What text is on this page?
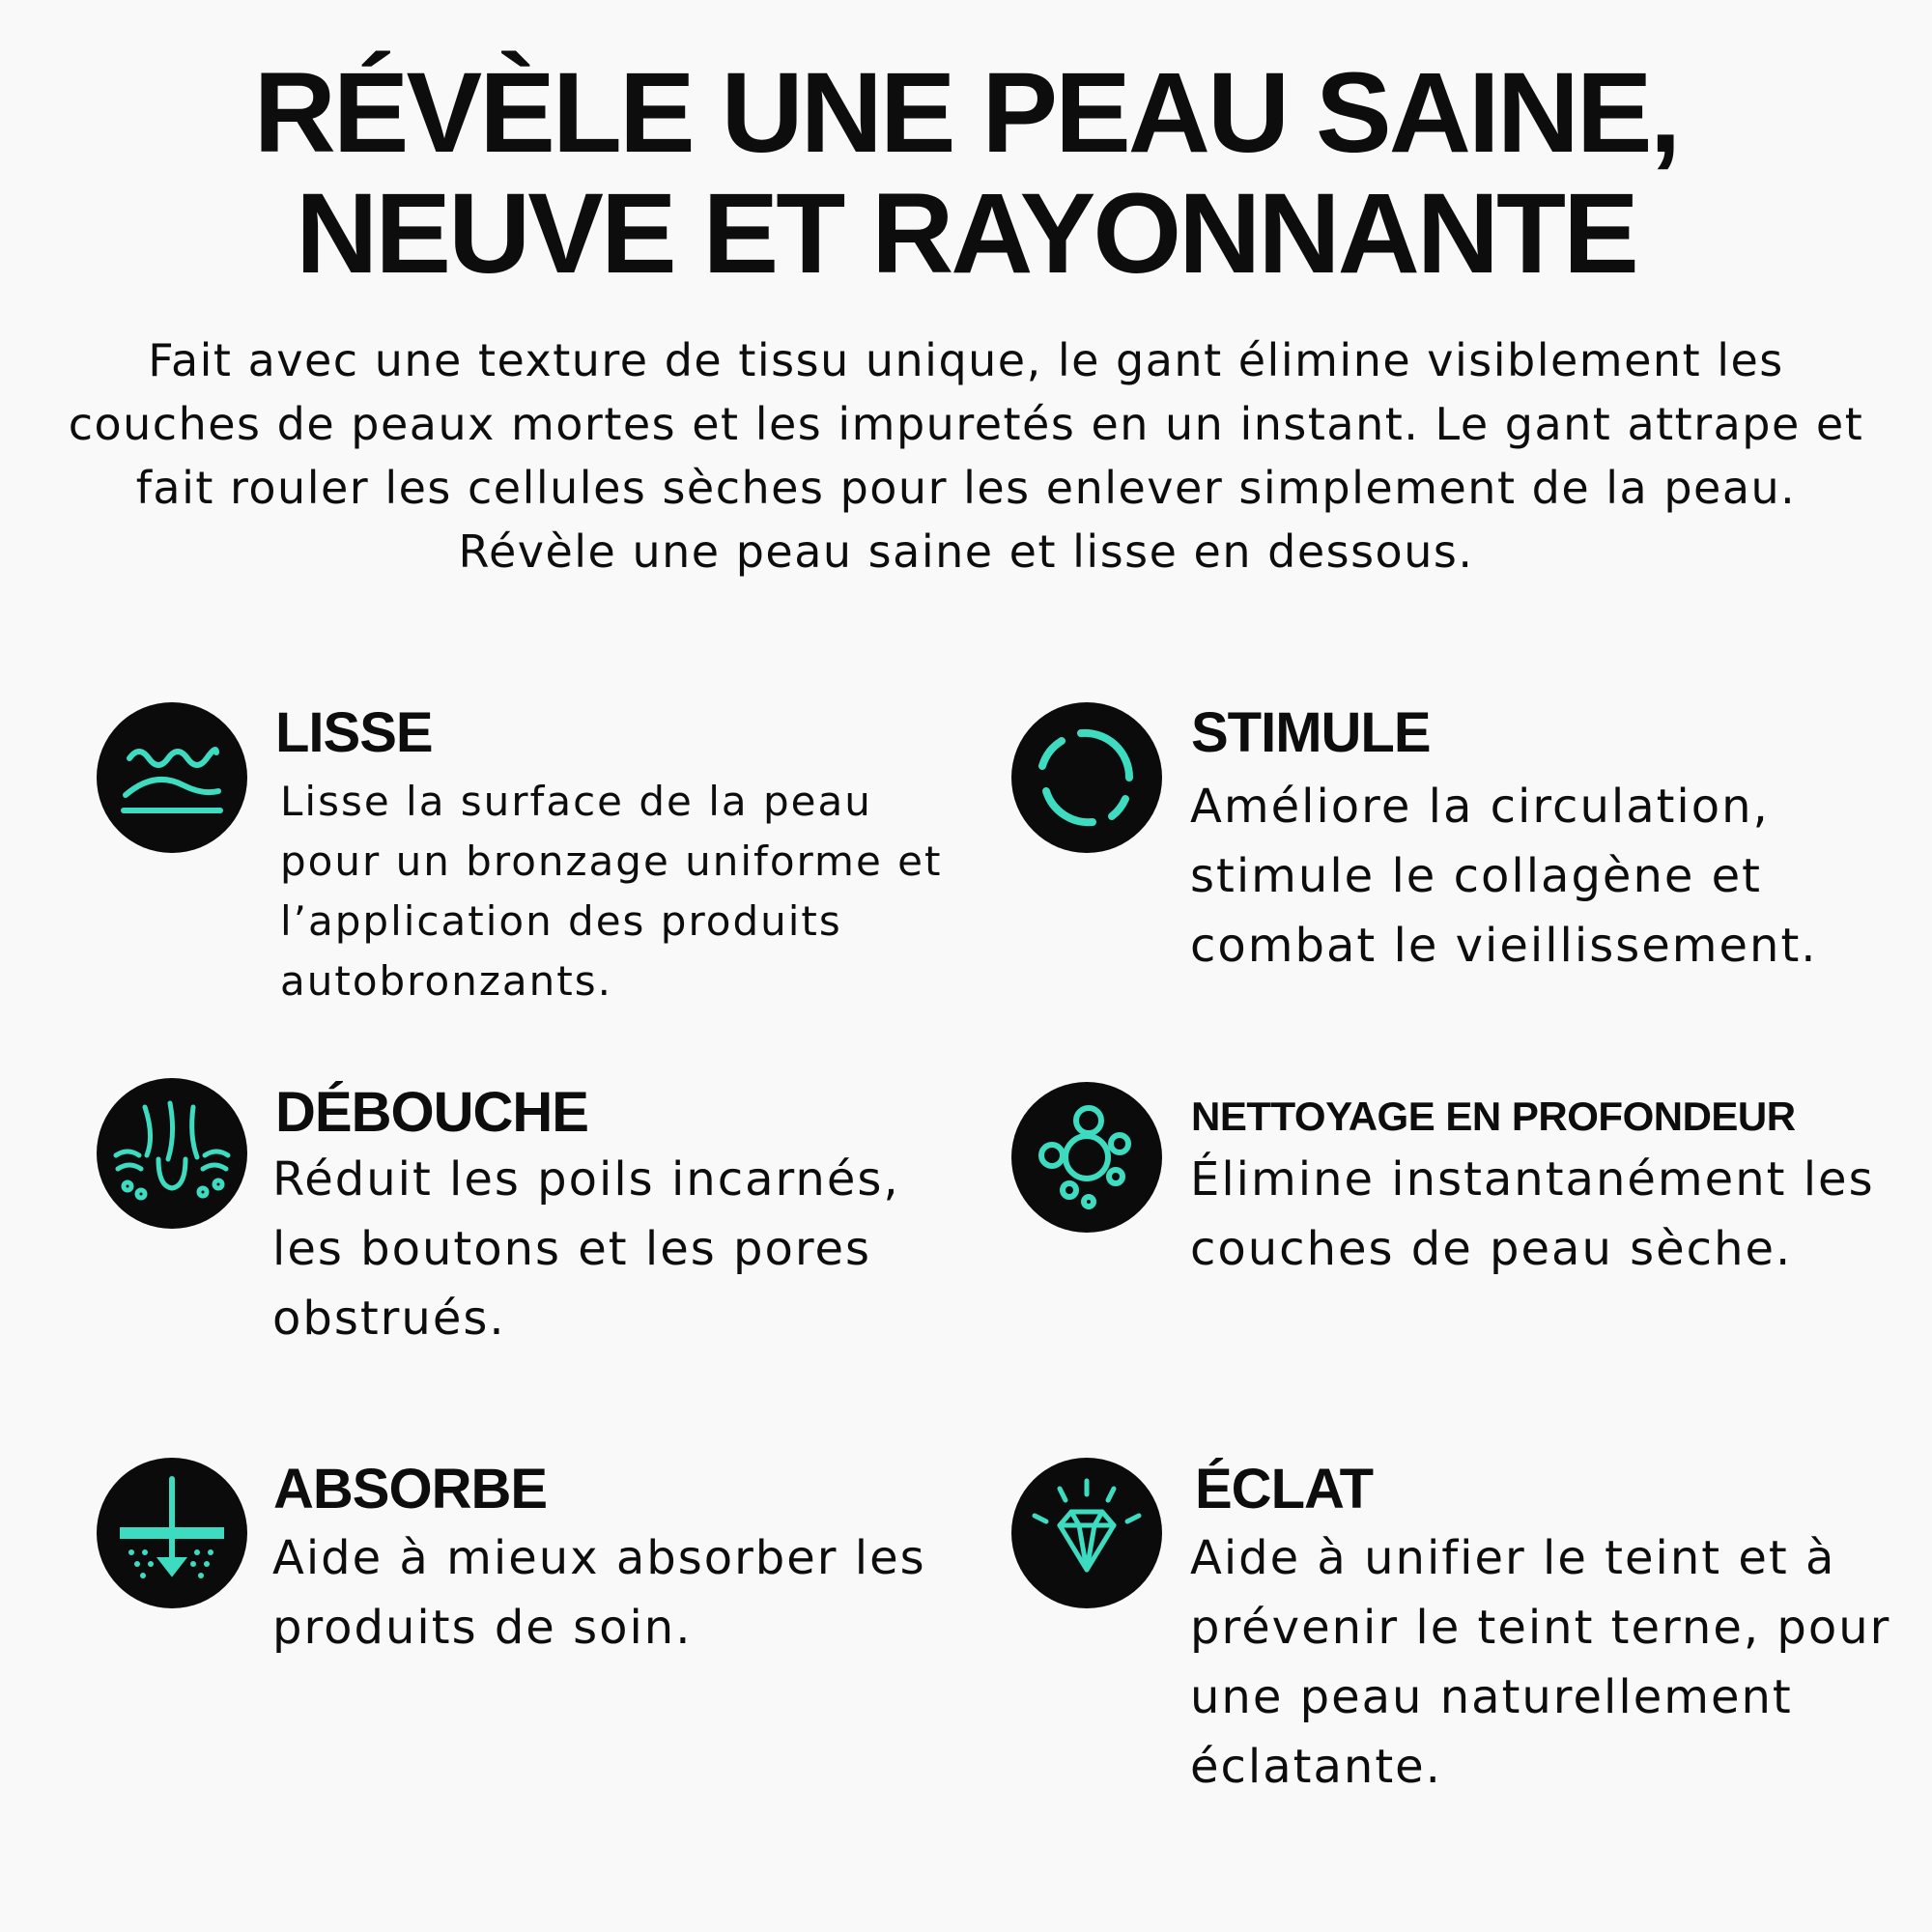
RÉVÈLE UNE PEAU SAINE,
NEUVE ET RAYONNANTE

Fait avec une texture de tissu unique, le gant élimine visiblement les couches de peaux mortes et les impuretés en un instant. Le gant attrape et fait rouler les cellules sèches pour les enlever simplement de la peau. Révèle une peau saine et lisse en dessous.

LISSE

Lisse la surface de la peau pour un bronzage uniforme et l’application des produits autobronzants.

STIMULE

Améliore la circulation, stimule le collagène et combat le vieillissement.

DÉBOUCHE

Réduit les poils incarnés, les boutons et les pores obstrués.

NETTOYAGE EN PROFONDEUR

Élimine instantanément les couches de peau sèche.

ABSORBE

Aide à mieux absorber les produits de soin.

ÉCLAT

Aide à unifier le teint et à prévenir le teint terne, pour une peau naturellement éclatante.
